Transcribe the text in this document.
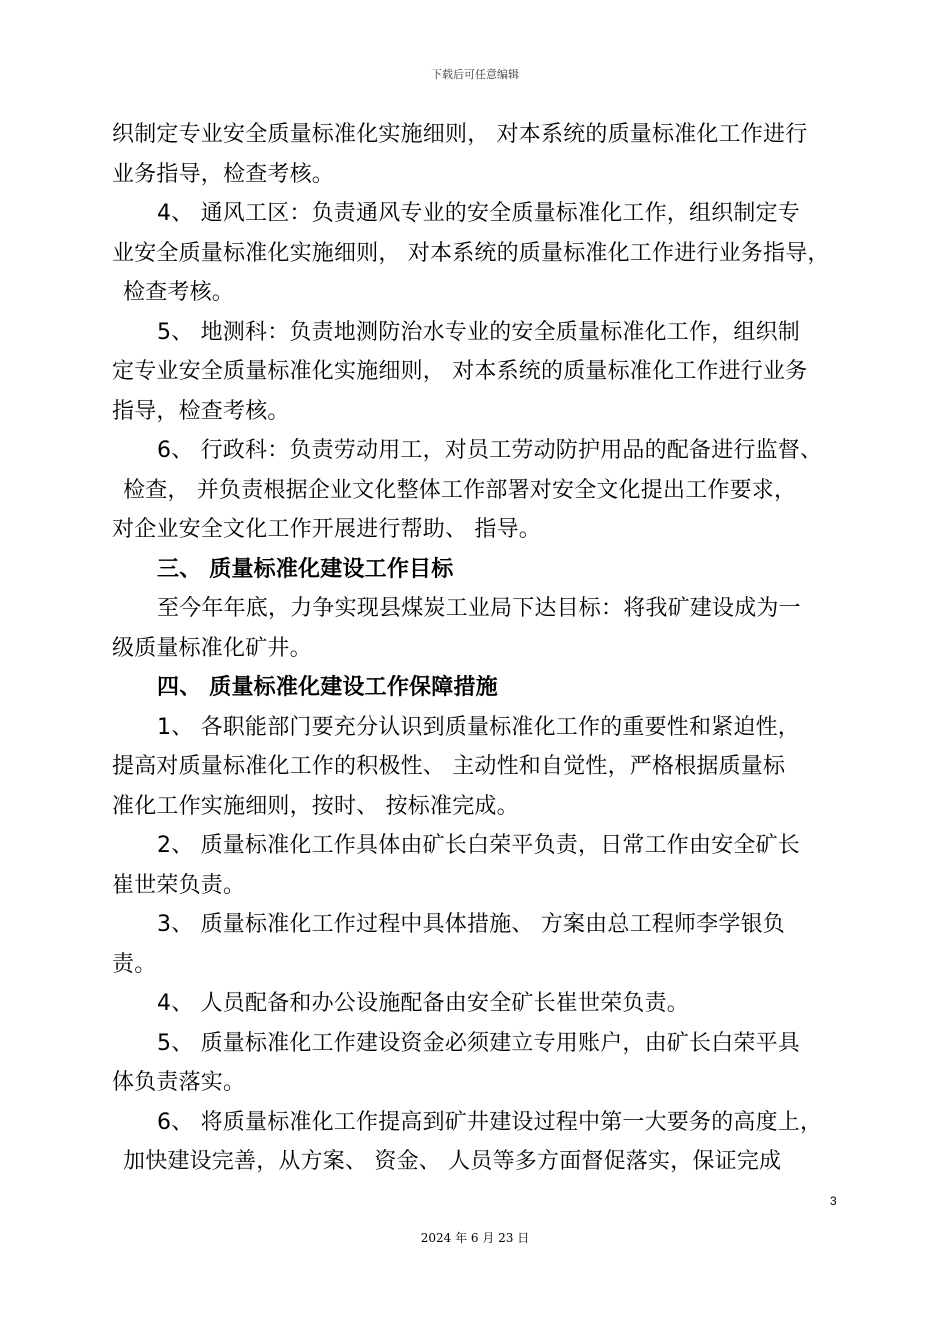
下载后可任意编辑
织制定专业安全质量标准化实施细则， 对本系统的质量标准化工作进行
业务指导，检查考核。
4、 通风工区：负责通风专业的安全质量标准化工作，组织制定专
业安全质量标准化实施细则， 对本系统的质量标准化工作进行业务指导，
检查考核。
5、 地测科：负责地测防治水专业的安全质量标准化工作，组织制
定专业安全质量标准化实施细则， 对本系统的质量标准化工作进行业务
指导，检查考核。
6、 行政科：负责劳动用工，对员工劳动防护用品的配备进行监督、
检查， 并负责根据企业文化整体工作部署对安全文化提出工作要求，
对企业安全文化工作开展进行帮助、 指导。
三、 质量标准化建设工作目标
至今年年底，力争实现县煤炭工业局下达目标：将我矿建设成为一
级质量标准化矿井。
四、 质量标准化建设工作保障措施
1、 各职能部门要充分认识到质量标准化工作的重要性和紧迫性，
提高对质量标准化工作的积极性、 主动性和自觉性，严格根据质量标
准化工作实施细则，按时、 按标准完成。
2、 质量标准化工作具体由矿长白荣平负责，日常工作由安全矿长
崔世荣负责。
3、 质量标准化工作过程中具体措施、 方案由总工程师李学银负
责。
4、 人员配备和办公设施配备由安全矿长崔世荣负责。
5、 质量标准化工作建设资金必须建立专用账户，由矿长白荣平具
体负责落实。
6、 将质量标准化工作提高到矿井建设过程中第一大要务的高度上，
加快建设完善，从方案、 资金、 人员等多方面督促落实，保证完成
3
2024 年 6 月 23 日
